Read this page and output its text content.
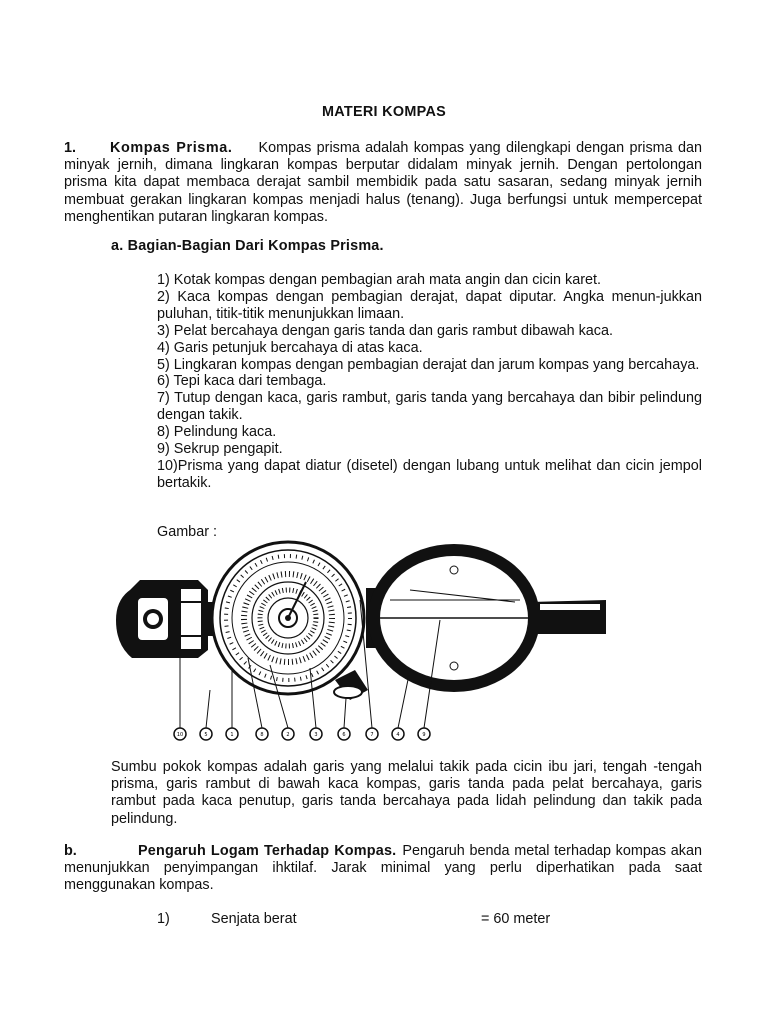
MATERI KOMPAS

1. Kompas Prisma. Kompas prisma adalah kompas yang dilengkapi dengan prisma dan minyak jernih, dimana lingkaran kompas berputar didalam minyak jernih. Dengan pertolongan prisma kita dapat membaca derajat sambil membidik pada satu sasaran, sedang minyak jernih membuat gerakan lingkaran kompas menjadi halus (tenang). Juga berfungsi untuk mempercepat menghentikan putaran lingkaran kompas.

a. Bagian-Bagian Dari Kompas Prisma.
1) Kotak kompas dengan pembagian arah mata angin dan cicin karet.
2) Kaca kompas dengan pembagian derajat, dapat diputar. Angka menun-jukkan puluhan, titik-titik menunjukkan limaan.
3) Pelat bercahaya dengan garis tanda dan garis rambut dibawah kaca.
4) Garis petunjuk bercahaya di atas kaca.
5) Lingkaran kompas dengan pembagian derajat dan jarum kompas yang bercahaya.
6) Tepi kaca dari tembaga.
7) Tutup dengan kaca, garis rambut, garis tanda yang bercahaya dan bibir pelindung dengan takik.
8) Pelindung kaca.
9) Sekrup pengapit.
10)Prisma yang dapat diatur (disetel) dengan lubang untuk melihat dan cicin jempol bertakik.
Gambar :
10	5	1	8	2	3	6	7	4	9

Sumbu pokok kompas adalah garis yang melalui takik pada cicin ibu jari, tengah -tengah prisma, garis rambut di bawah kaca kompas, garis tanda pada pelat bercahaya, garis rambut pada kaca penutup, garis tanda bercahaya pada lidah pelindung dan takik pada pelindung.

b.	Pengaruh Logam Terhadap Kompas. Pengaruh benda metal terhadap kompas akan menunjukkan penyimpangan ihktilaf. Jarak minimal yang perlu diperhatikan pada saat menggunakan kompas.

1)	Senjata berat	= 60 meter
